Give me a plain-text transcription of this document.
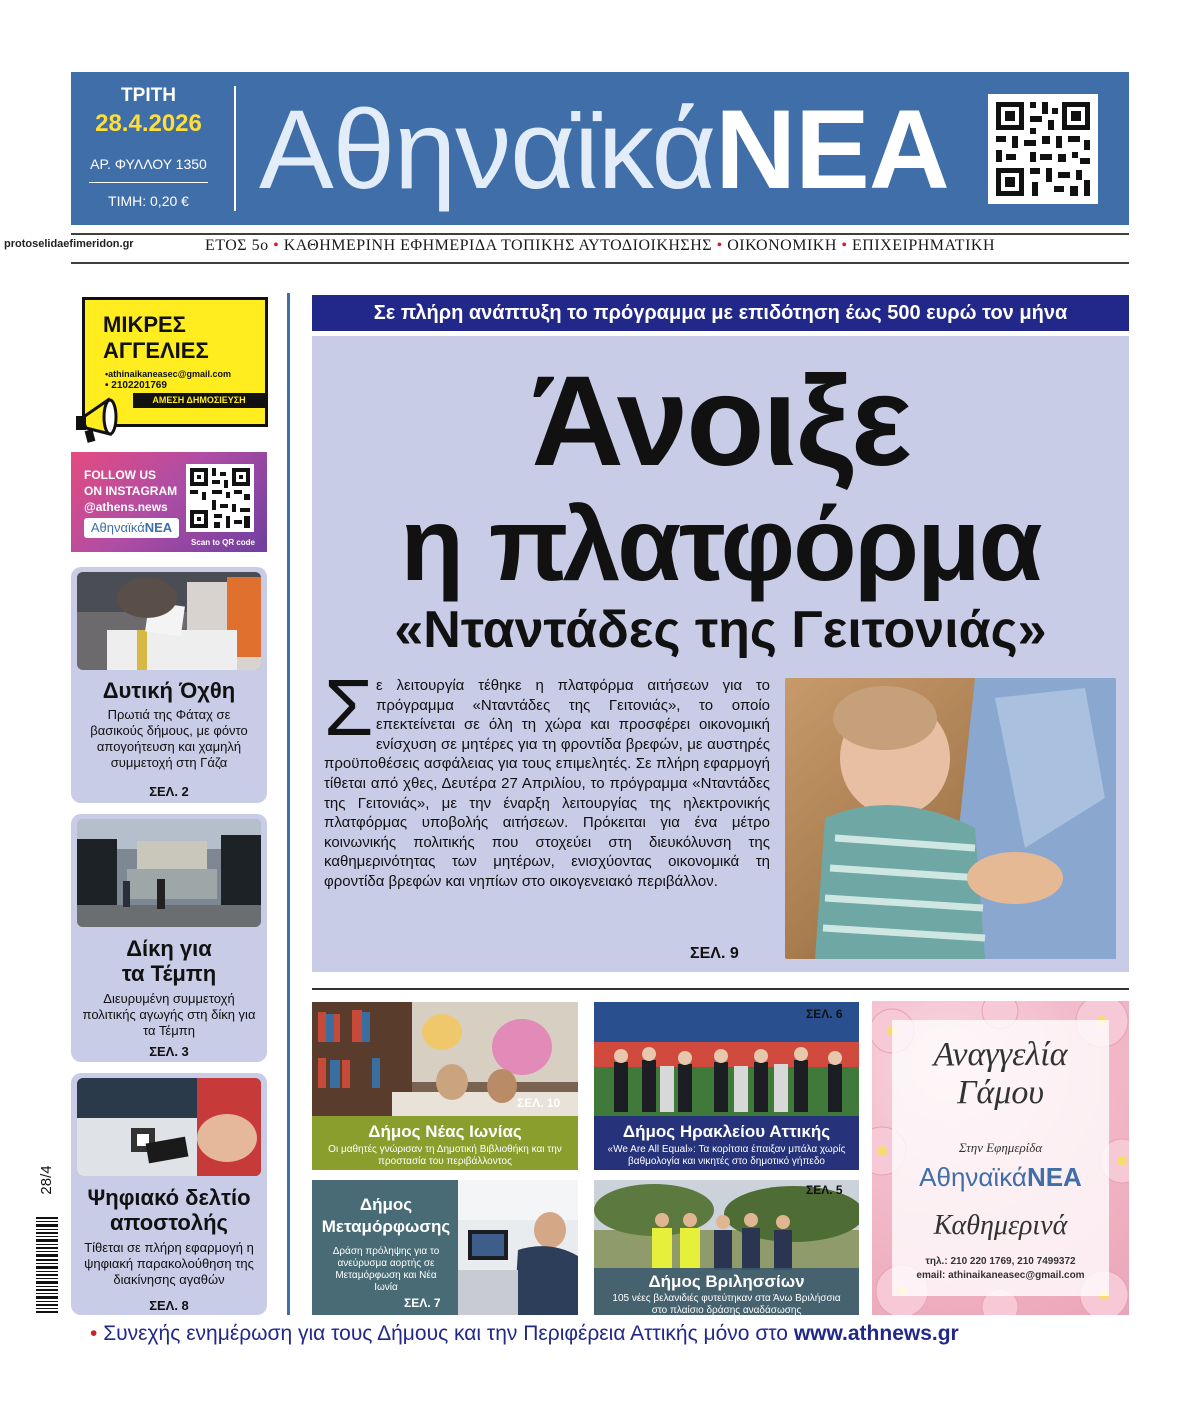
ΤΡΙΤΗ
28.4.2026
ΑΡ. ΦΥΛΛΟΥ 1350
ΤΙΜΗ: 0,20 € ΑθηναϊκάΝΕΑ
protoselidaefimeridon.gr	ΕΤΟΣ 5ο • ΚΑΘΗΜΕΡΙΝΗ ΕΦΗΜΕΡΙΔΑ ΤΟΠΙΚΗΣ ΑΥΤΟΔΙΟΙΚΗΣΗΣ • ΟΙΚΟΝΟΜΙΚΗ • ΕΠΙΧΕΙΡΗΜΑΤΙΚΗ
ΜΙΚΡΕΣ
ΑΓΓΕΛΙΕΣ
•athinaikaneasec@gmail.com
• 2102201769
ΑΜΕΣΗ ΔΗΜΟΣΙΕΥΣΗ
FOLLOW US
ON INSTAGRAM
@athens.news
ΑθηναϊκάΝΕΑ
Scan to QR code
Δυτική Όχθη
Πρωτιά της Φάταχ σε βασικούς δήμους, με φόντο απογοήτευση και χαμηλή συμμετοχή στη Γάζα
ΣΕΛ. 2
Δίκη για
τα Τέμπη
Διευρυμένη συμμετοχή πολιτικής αγωγής στη δίκη για τα Τέμπη
ΣΕΛ. 3
Ψηφιακό δελτίο
αποστολής
Τίθεται σε πλήρη εφαρμογή η ψηφιακή παρακολούθηση της διακίνησης αγαθών
ΣΕΛ. 8
Σε πλήρη ανάπτυξη το πρόγραμμα με επιδότηση έως 500 ευρώ τον μήνα
Άνοιξε
η πλατφόρμα
«Νταντάδες της Γειτονιάς»
Σ ε λειτουργία τέθηκε η πλατφόρμα αιτήσεων για το πρόγραμμα «Νταντάδες της Γειτονιάς», το οποίο επεκτείνεται σε όλη τη χώρα και προσφέρει οικονομική ενίσχυση σε μητέρες για τη φροντίδα βρεφών, με αυστηρές προϋποθέσεις ασφάλειας για τους επιμελητές. Σε πλήρη εφαρμογή τίθεται από χθες, Δευτέρα 27 Απριλίου, το πρόγραμμα «Νταντάδες της Γειτονιάς», με την έναρξη λειτουργίας της ηλεκτρονικής πλατφόρμας υποβολής αιτήσεων. Πρόκειται για ένα μέτρο κοινωνικής πολιτικής που στοχεύει στη διευκόλυνση της καθημερινότητας των μητέρων, ενισχύοντας οικονομικά τη φροντίδα βρεφών και νηπίων στο οικογενειακό περιβάλλον.
ΣΕΛ. 9
ΣΕΛ. 10
Δήμος Νέας Ιωνίας
Οι μαθητές γνώρισαν τη Δημοτική Βιβλιοθήκη και την προστασία του περιβάλλοντος
ΣΕΛ. 6
Δήμος Ηρακλείου Αττικής
«We Are All Equal»: Τα κορίτσια έπαιξαν μπάλα χωρίς βαθμολογία και νικητές στο δημοτικό γήπεδο
Δήμος
Μεταμόρφωσης
Δράση πρόληψης για το ανεύρυσμα αορτής σε Μεταμόρφωση και Νέα Ιωνία
ΣΕΛ. 7
ΣΕΛ. 5
Δήμος Βριλησσίων
105 νέες βελανιδιές φυτεύτηκαν στα Άνω Βριλήσσια στο πλαίσιο δράσης αναδάσωσης
Αναγγελία
Γάμου
Στην Εφημερίδα
ΑθηναϊκάΝΕΑ
Καθημερινά
τηλ.: 210 220 1769, 210 7499372
email: athinaikaneasec@gmail.com
28/4
• Συνεχής ενημέρωση για τους Δήμους και την Περιφέρεια Αττικής μόνο στο www.athnews.gr
